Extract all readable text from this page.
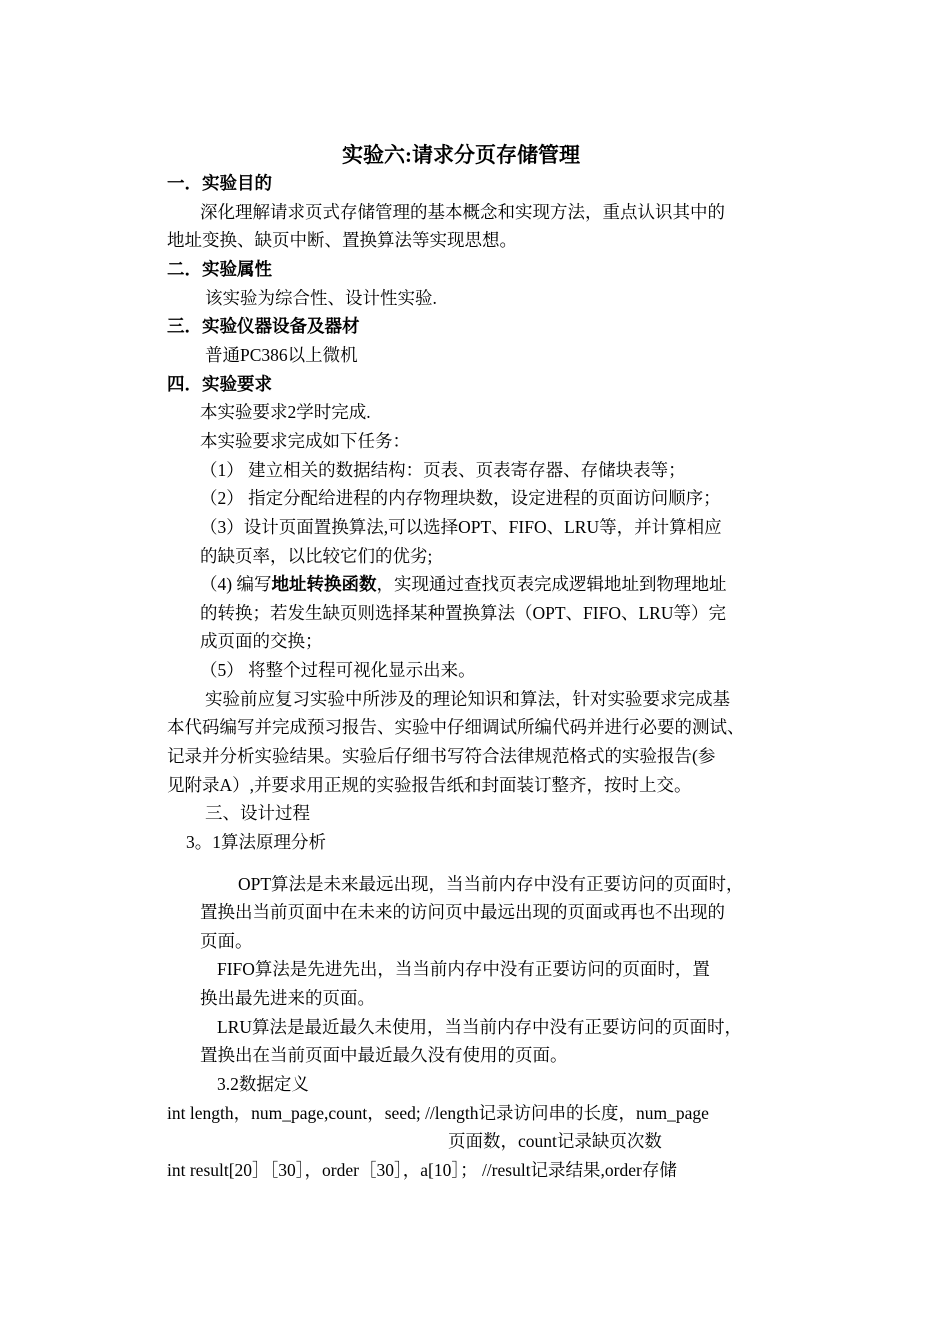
实验六:请求分页存储管理
一．实验目的
深化理解请求页式存储管理的基本概念和实现方法，重点认识其中的
地址变换、缺页中断、置换算法等实现思想。
二．实验属性
该实验为综合性、设计性实验.
三．实验仪器设备及器材
普通PC386以上微机
四．实验要求
本实验要求2学时完成.
本实验要求完成如下任务：
（1） 建立相关的数据结构：页表、页表寄存器、存储块表等；
（2） 指定分配给进程的内存物理块数，设定进程的页面访问顺序；
（3）设计页面置换算法,可以选择OPT、FIFO、LRU等，并计算相应
的缺页率，以比较它们的优劣;
（4) 编写地址转换函数，实现通过查找页表完成逻辑地址到物理地址
的转换；若发生缺页则选择某种置换算法（OPT、FIFO、LRU等）完
成页面的交换；
（5） 将整个过程可视化显示出来。
实验前应复习实验中所涉及的理论知识和算法，针对实验要求完成基
本代码编写并完成预习报告、实验中仔细调试所编代码并进行必要的测试、
记录并分析实验结果。实验后仔细书写符合法律规范格式的实验报告(参
见附录A）,并要求用正规的实验报告纸和封面装订整齐，按时上交。
三、设计过程
3。1算法原理分析
OPT算法是未来最远出现，当当前内存中没有正要访问的页面时，
置换出当前页面中在未来的访问页中最远出现的页面或再也不出现的
页面。
FIFO算法是先进先出，当当前内存中没有正要访问的页面时，置
换出最先进来的页面。
LRU算法是最近最久未使用，当当前内存中没有正要访问的页面时，
置换出在当前页面中最近最久没有使用的页面。
3.2数据定义
int length，num_page,count，seed; //length记录访问串的长度，num_page
页面数，count记录缺页次数
int result[20］［30］，order［30］，a[10］； //result记录结果,order存储
